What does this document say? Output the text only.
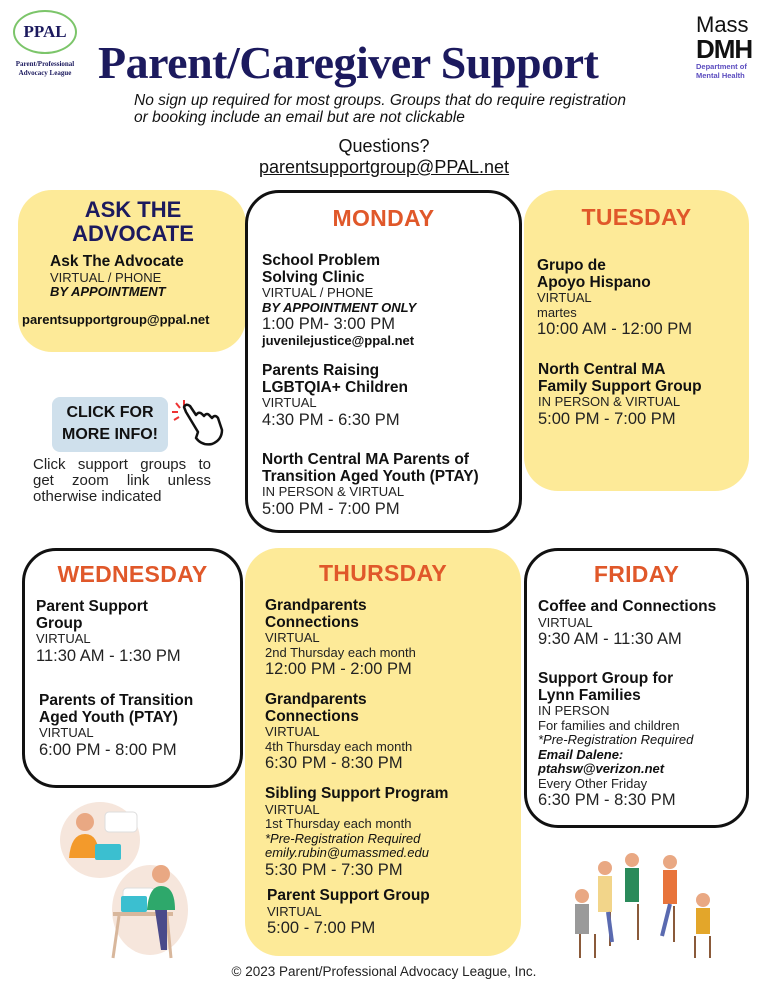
PPAL
Parent/Professional Advocacy League Parent/Caregiver Support
Mass
DMH
Department of Mental Health
No sign up required for most groups. Groups that do require registration or booking include an email but are not clickable
Questions?
parentsupportgroup@PPAL.net
ASK THE ADVOCATE
Ask The Advocate
VIRTUAL / PHONE
BY APPOINTMENT
parentsupportgroup@ppal.net
CLICK FOR MORE INFO!
Click support groups to get zoom link unless otherwise indicated
MONDAY
School Problem
Solving Clinic
VIRTUAL / PHONE
BY APPOINTMENT ONLY
1:00 PM- 3:00 PM
juvenilejustice@ppal.net
Parents Raising
LGBTQIA+ Children
VIRTUAL
4:30 PM - 6:30 PM
North Central MA Parents of
Transition Aged Youth (PTAY)
IN PERSON & VIRTUAL
5:00 PM - 7:00 PM
TUESDAY
Grupo de
Apoyo Hispano
VIRTUAL
martes
10:00 AM - 12:00 PM
North Central MA
Family Support Group
IN PERSON & VIRTUAL
5:00 PM - 7:00 PM
WEDNESDAY
Parent Support
Group
VIRTUAL
11:30 AM - 1:30 PM
Parents of Transition
Aged Youth (PTAY)
VIRTUAL
6:00 PM - 8:00 PM
THURSDAY
Grandparents
Connections
VIRTUAL
2nd Thursday each month
12:00 PM - 2:00 PM
Grandparents
Connections
VIRTUAL
4th Thursday each month
6:30 PM - 8:30 PM
Sibling Support Program
VIRTUAL
1st Thursday each month
*Pre-Registration Required
emily.rubin@umassmed.edu
5:30 PM - 7:30 PM
Parent Support Group
VIRTUAL
5:00 - 7:00 PM
FRIDAY
Coffee and Connections
VIRTUAL
9:30 AM - 11:30 AM
Support Group for
Lynn Families
IN PERSON
For families and children
*Pre-Registration Required
Email Dalene:
ptahsw@verizon.net
Every Other Friday
6:30 PM - 8:30 PM
© 2023 Parent/Professional Advocacy League, Inc.
